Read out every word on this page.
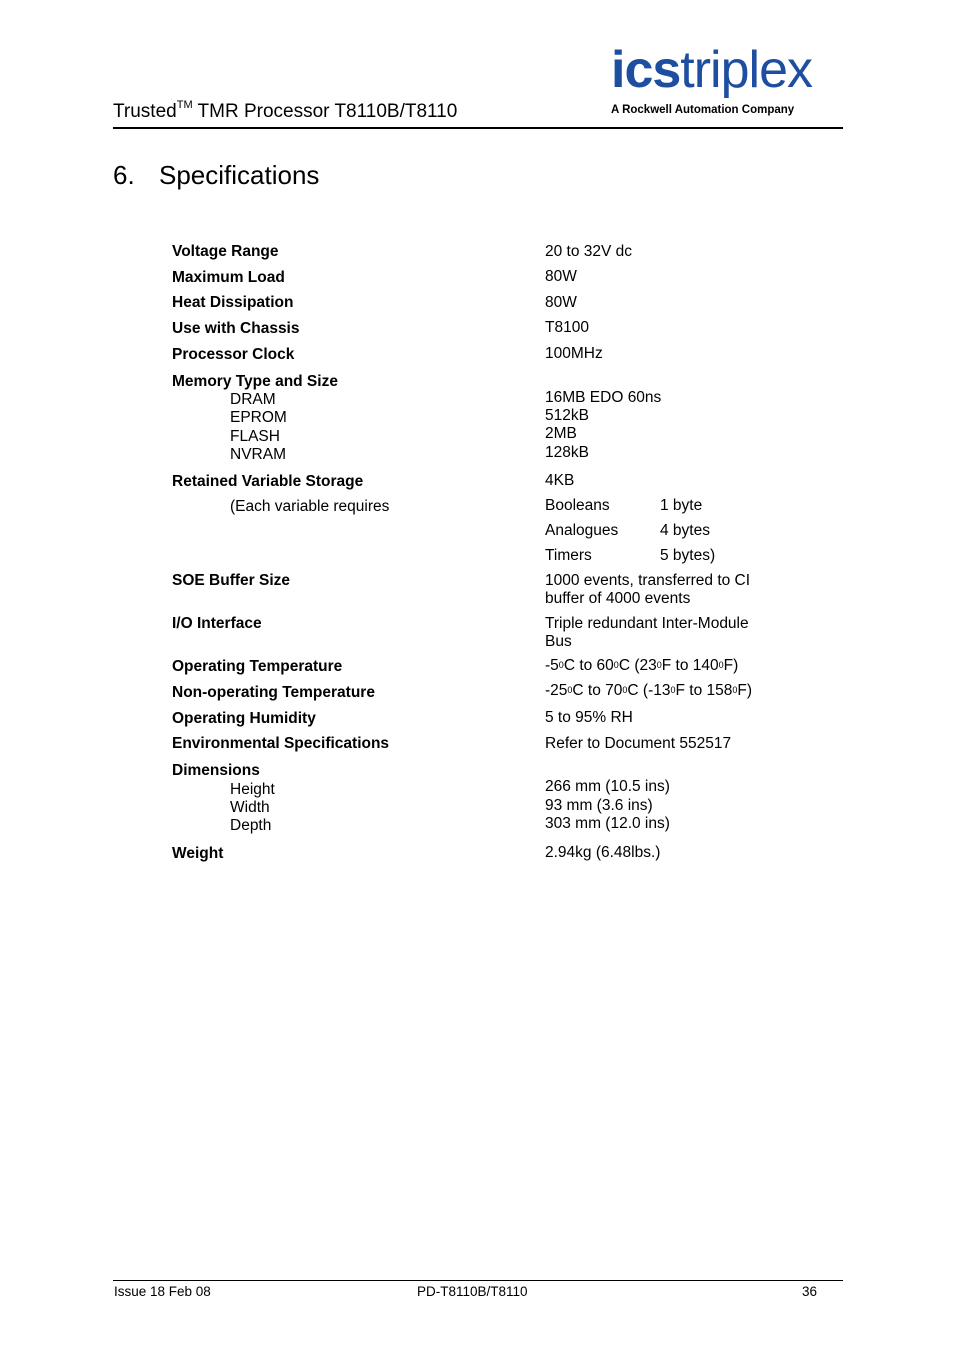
Trusted™ TMR Processor T8110B/T8110
icstriplex
A Rockwell Automation Company
6. Specifications
Voltage Range	20 to 32V dc
Maximum Load	80W
Heat Dissipation	80W
Use with Chassis	T8100
Processor Clock	100MHz
Memory Type and Size
DRAM	16MB EDO 60ns
EPROM	512kB
FLASH	2MB
NVRAM	128kB
Retained Variable Storage	4KB
(Each variable requires	Booleans	1 byte
Analogues	4 bytes
Timers	5 bytes)
SOE Buffer Size	1000 events, transferred to CI
buffer of 4000 events
I/O Interface	Triple redundant Inter-Module
Bus
Operating Temperature	$-5^0C$ to $60^0C$ ($23^0F$ to $140^0F$)
Non-operating Temperature	$-25^0C$ to $70^0C$ ($-13^0F$ to $158^0F$)
Operating Humidity	5 to 95% RH
Environmental Specifications	Refer to Document 552517
Dimensions
Height	266 mm (10.5 ins)
Width	93 mm (3.6 ins)
Depth	303 mm (12.0 ins)
Weight	2.94kg (6.48lbs.)
Issue 18 Feb 08	PD-T8110B/T8110	36
